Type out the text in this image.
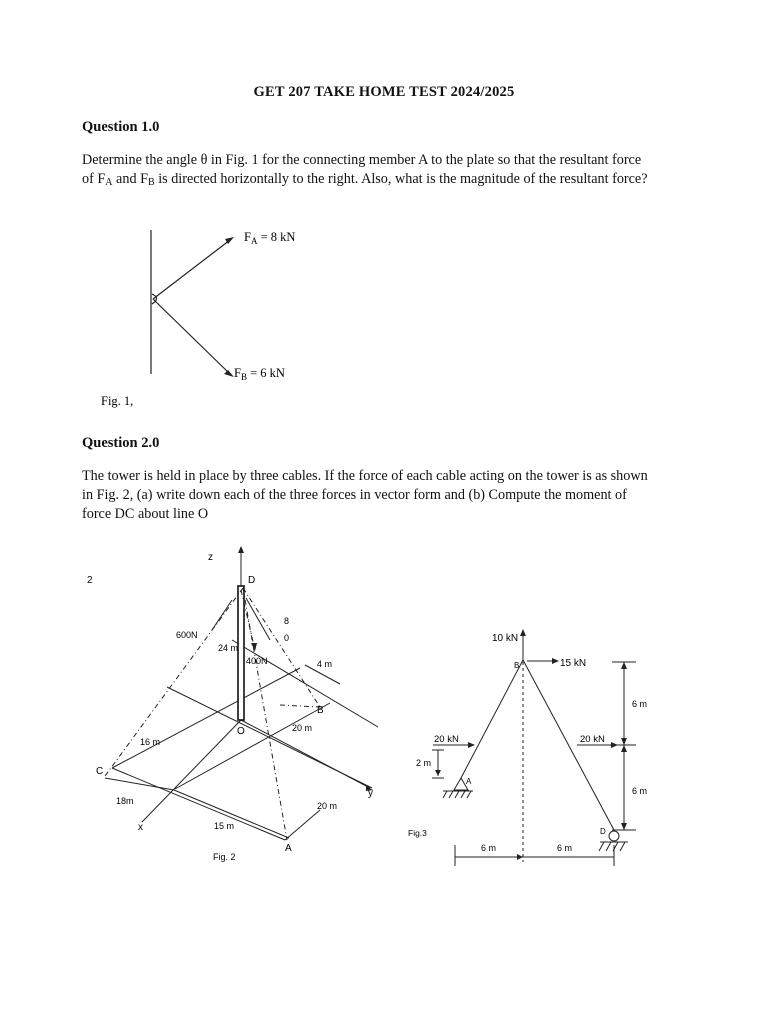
GET 207 TAKE HOME TEST 2024/2025
Question 1.0
Determine the angle θ in Fig. 1 for the connecting member A to the plate so that the resultant force
of $F_A$ and $F_B$ is directed horizontally to the right. Also, what is the magnitude of the resultant force?
$F_A = 8$ kN
$F_B = 6$ kN
Fig. 1,
Question 2.0
The tower is held in place by three cables. If the force of each cable acting on the tower is as shown
in Fig. 2, (a) write down each of the three forces in vector form and (b) Compute the moment of
force DC about line O
2
z
D
O
A
B
C
x
y
600N
400N
8
0
24 m
4 m
20 m
16 m
18m
15 m
20 m
Fig. 2
10 kN
15 kN
20 kN	20 kN
B
A
D
2 m
6 m
6 m
6 m	6 m
Fig.3
